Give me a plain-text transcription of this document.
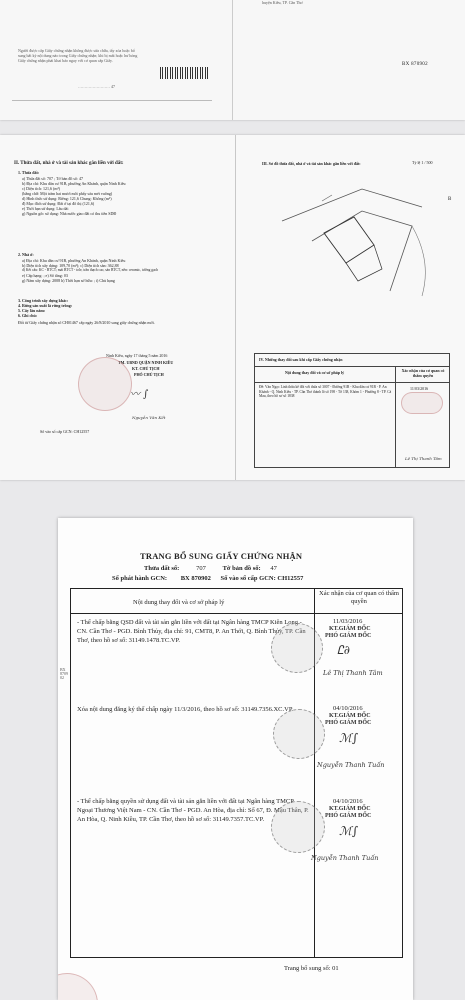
huyện Kiều, TP. Cần Thơ
BX 870902
Người được cấp Giấy chứng nhận không được sửa chữa, tẩy xóa hoặc bổ
sung bất kỳ nội dung nào trong Giấy chứng nhận; khi bị mất hoặc hư hỏng
Giấy chứng nhận phải khai báo ngay với cơ quan cấp Giấy.
…………………… 47
II. Thửa đất, nhà ở và tài sản khác gắn liền với đất:
1. Thửa đất:
a) Thửa đất số: 707 ; Tờ bản đồ số: 47
b) Địa chỉ: Khu dân cư 91B, phường An Khánh, quận Ninh Kiều
c) Diện tích: 121,6 (m²)
(bằng chữ: Một trăm hai mươi mốt phẩy sáu mét vuông)
d) Hình thức sử dụng: Riêng: 121,6 Chung: Không (m²)
đ) Mục đích sử dụng: Đất ở tại đô thị (121,6)
e) Thời hạn sử dụng: Lâu dài
g) Nguồn gốc sử dụng: Nhà nước giao đất có thu tiền SDĐ
2. Nhà ở:
a) Địa chỉ: Khu dân cư 91B, phường An Khánh, quận Ninh Kiều
b) Diện tích xây dựng: 109,70 (m²); c) Diện tích sàn: 362,88
d) Kết cấu: KC - BTCT; mái BTCT - tole, trần thạch cao, sàn BTCT, nền: ceramic, tường gạch
e) Cấp hạng: ; e) Số tầng: 03
g) Năm xây dựng: 2008 h) Thời hạn sở hữu: ; i) Chủ hạng
3. Công trình xây dựng khác:
4. Rừng sản xuất là rừng trồng:
5. Cây lâu năm:
6. Ghi chú:
Đổi từ Giấy chứng nhận số CH01467 cấp ngày 26/8/2010 sang giấy chứng nhận mới.
Ninh Kiều, ngày 17 tháng 5 năm 2016
TM. UBND QUẬN NINH KIỀU
KT. CHỦ TỊCH
PHÓ CHỦ TỊCH
〰 ∫
Nguyễn Văn Kết
Số vào sổ cấp GCN: CH12557
III. Sơ đồ thửa đất, nhà ở và tài sản khác gắn liền với đất:	Tỷ lệ 1 / 500
B
IV. Những thay đổi sau khi cấp Giấy chứng nhận
Nội dung thay đổi và cơ sở pháp lý	Xác nhận của cơ quan có thẩm quyền
Đề: Văn Ngọc Linh thừa kế đối với thửa số 3007 - Đường 91B - Khu dân cư 91B - P. An Khánh - Q. Ninh Kiều - TP. Cần Thơ thành lô số 198 - Tờ 138, Khóm 1 - Phường 8 - TP. Cà Mau, theo hồ sơ số 1838
11/03/2016
Lê Thị Thanh Tâm
TRANG BỔ SUNG GIẤY CHỨNG NHẬN
Thửa đất số:	707	Tờ bản đồ số: 47
Số phát hành GCN: BX 870902 Số vào sổ cấp GCN: CH12557
Nội dung thay đổi và cơ sở pháp lý
Xác nhận của cơ quan có thẩm quyền
- Thế chấp bằng QSD đất và tài sản gắn liền với đất tại Ngân hàng TMCP Kiên Long - CN. Cần Thơ - PGD. Bình Thủy, địa chỉ: 91, CMT8, P. An Thới, Q. Bình Thủy, TP. Cần Thơ, theo hồ sơ số: 31149.1478.TC.VP.
11/03/2016
KT.GIÁM ĐỐC
PHÓ GIÁM ĐỐC
Ꮭ∂
Lê Thị Thanh Tâm
Xóa nội dung đăng ký thế chấp ngày 11/3/2016, theo hồ sơ số: 31149.7356.XC.VP.	04/10/2016
KT.GIÁM ĐỐC
PHÓ GIÁM ĐỐC
ℳ∫
Nguyễn Thanh Tuấn
- Thế chấp bằng quyền sử dụng đất và tài sản gắn liền với đất tại Ngân hàng TMCP Ngoại Thương Việt Nam - CN. Cần Thơ - PGD. An Hòa, địa chỉ: Số 67, Đ. Mậu Thân, P. An Hòa, Q. Ninh Kiều, TP. Cần Thơ, theo hồ sơ số: 31149.7357.TC.VP.
04/10/2016
KT.GIÁM ĐỐC
PHÓ GIÁM ĐỐC
ℳ∫
Nguyễn Thanh Tuấn
BX 870902
Trang bổ sung số: 01
